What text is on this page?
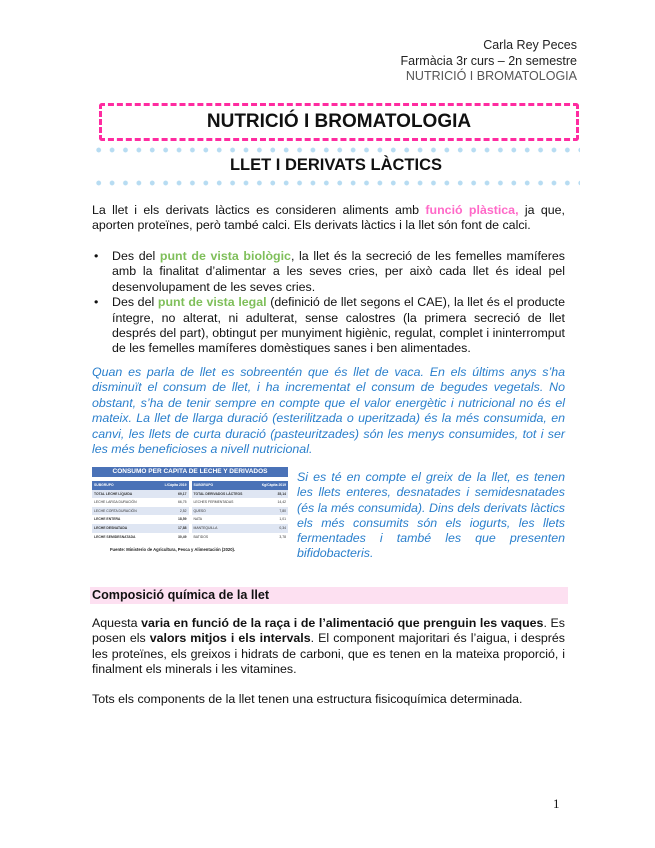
Carla Rey Peces
Farmàcia 3r curs – 2n semestre
NUTRICIÓ I BROMATOLOGIA
NUTRICIÓ I BROMATOLOGIA
LLET I DERIVATS LÀCTICS
La llet i els derivats làctics es consideren aliments amb funció plàstica, ja que, aporten proteïnes, però també calci. Els derivats làctics i la llet són font de calci.
• Des del punt de vista biològic, la llet és la secreció de les femelles mamíferes amb la finalitat d’alimentar a les seves cries, per això cada llet és ideal pel desenvolupament de les seves cries.
• Des del punt de vista legal (definició de llet segons el CAE), la llet és el producte íntegre, no alterat, ni adulterat, sense calostres (la primera secreció de llet després del part), obtingut per munyiment higiènic, regulat, complet i ininterromput de les femelles mamíferes domèstiques sanes i ben alimentades.
Quan es parla de llet es sobreentén que és llet de vaca. En els últims anys s’ha disminuït el consum de llet, i ha incrementat el consum de begudes vegetals. No obstant, s’ha de tenir sempre en compte que el valor energètic i nutricional no és el mateix. La llet de llarga duració (esterilitzada o uperitzada) és la més consumida, en canvi, les llets de curta duració (pasteuritzades) són les menys consumides, tot i ser les més beneficioses a nivell nutricional.
CONSUMO PER CAPITA DE LECHE Y DERIVADOS
SUBGRUPO	L/Cápita 2019
TOTAL LECHE LÍQUIDA	69,17
LECHE LARGA DURACIÓN	66,75
LECHE CORTA DURACIÓN	2,52
LECHE ENTERA	18,59
LECHE DESNATADA	17,88
LECHE SEMIDESNATADA	30,49
SUBGRUPO	Kg/Cápita 2019
TOTAL DERIVADOS LÁCTEOS	35,14
LECHES FERMENTADAS	14,42
QUESO	7,80
NATA	1,01
MANTEQUILLA	0,34
BATIDOS	3,78
Fuente: Ministerio de Agricultura, Pesca y Alimentación (2020).
Si es té en compte el greix de la llet, es tenen les llets enteres, desnatades i semidesnatades (és la més consumida). Dins dels derivats làctics els més consumits són els iogurts, les llets fermentades i també les que presenten bifidobacteris.
Composició química de la llet
Aquesta varia en funció de la raça i de l’alimentació que prenguin les vaques. Es posen els valors mitjos i els intervals. El component majoritari és l’aigua, i després les proteïnes, els greixos i hidrats de carboni, que es tenen en la mateixa proporció, i finalment els minerals i les vitamines.
Tots els components de la llet tenen una estructura fisicoquímica determinada.
1
